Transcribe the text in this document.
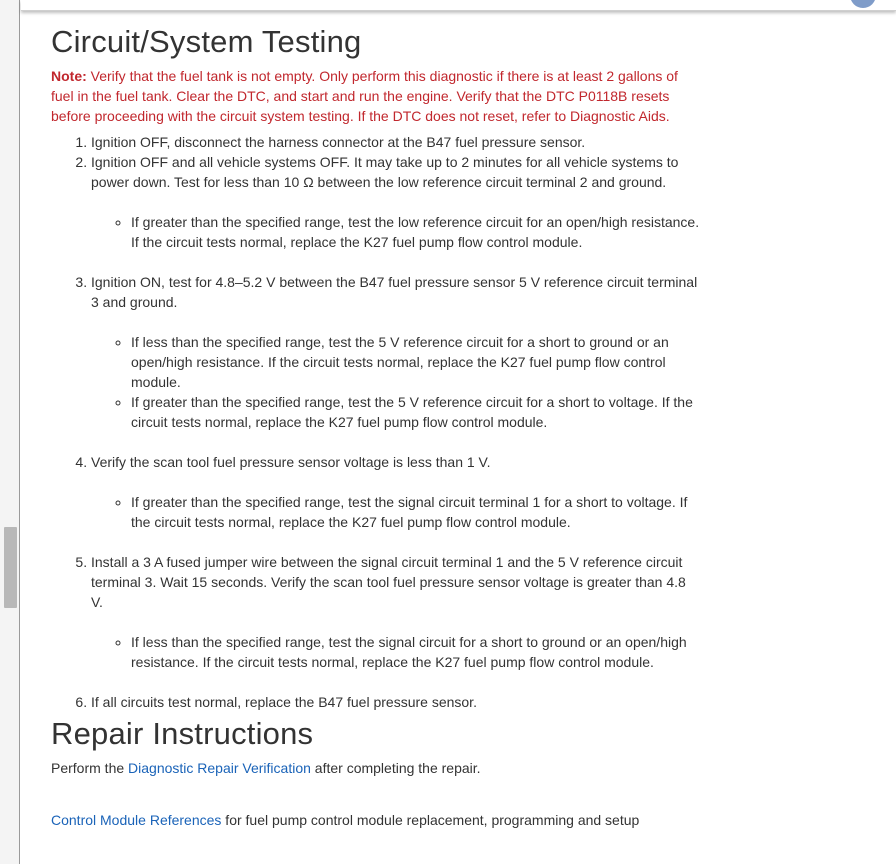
Circuit/System Testing
Note: Verify that the fuel tank is not empty. Only perform this diagnostic if there is at least 2 gallons of fuel in the fuel tank. Clear the DTC, and start and run the engine. Verify that the DTC P0118B resets before proceeding with the circuit system testing. If the DTC does not reset, refer to Diagnostic Aids.
1. Ignition OFF, disconnect the harness connector at the B47 fuel pressure sensor.
2. Ignition OFF and all vehicle systems OFF. It may take up to 2 minutes for all vehicle systems to power down. Test for less than 10 Ω between the low reference circuit terminal 2 and ground.
◦ If greater than the specified range, test the low reference circuit for an open/high resistance. If the circuit tests normal, replace the K27 fuel pump flow control module.
3. Ignition ON, test for 4.8–5.2 V between the B47 fuel pressure sensor 5 V reference circuit terminal 3 and ground.
◦ If less than the specified range, test the 5 V reference circuit for a short to ground or an open/high resistance. If the circuit tests normal, replace the K27 fuel pump flow control module.
◦ If greater than the specified range, test the 5 V reference circuit for a short to voltage. If the circuit tests normal, replace the K27 fuel pump flow control module.
4. Verify the scan tool fuel pressure sensor voltage is less than 1 V.
◦ If greater than the specified range, test the signal circuit terminal 1 for a short to voltage. If the circuit tests normal, replace the K27 fuel pump flow control module.
5. Install a 3 A fused jumper wire between the signal circuit terminal 1 and the 5 V reference circuit terminal 3. Wait 15 seconds. Verify the scan tool fuel pressure sensor voltage is greater than 4.8 V.
◦ If less than the specified range, test the signal circuit for a short to ground or an open/high resistance. If the circuit tests normal, replace the K27 fuel pump flow control module.
6. If all circuits test normal, replace the B47 fuel pressure sensor.
Repair Instructions

Perform the Diagnostic Repair Verification after completing the repair.

Control Module References for fuel pump control module replacement, programming and setup
